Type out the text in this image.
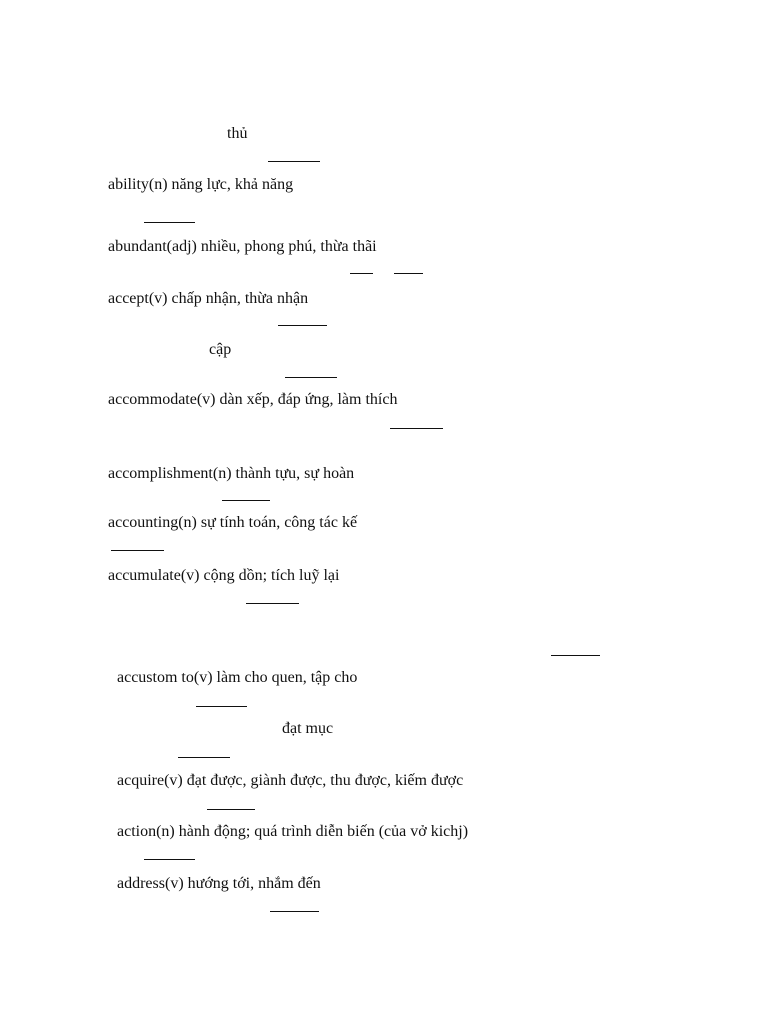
thủ
ability(n) năng lực, khả năng
abundant(adj) nhiều, phong phú, thừa thãi
accept(v) chấp nhận, thừa nhận
cập
accommodate(v) dàn xếp, đáp ứng, làm thích
accomplishment(n) thành tựu, sự hoàn
accounting(n) sự tính toán, công tác kế
accumulate(v) cộng dồn; tích luỹ lại
accustom to(v) làm cho quen, tập cho
đạt mục
acquire(v) đạt được, giành được, thu được, kiếm được
action(n) hành động; quá trình diễn biến (của vở kichj)
address(v) hướng tới, nhắm đến
